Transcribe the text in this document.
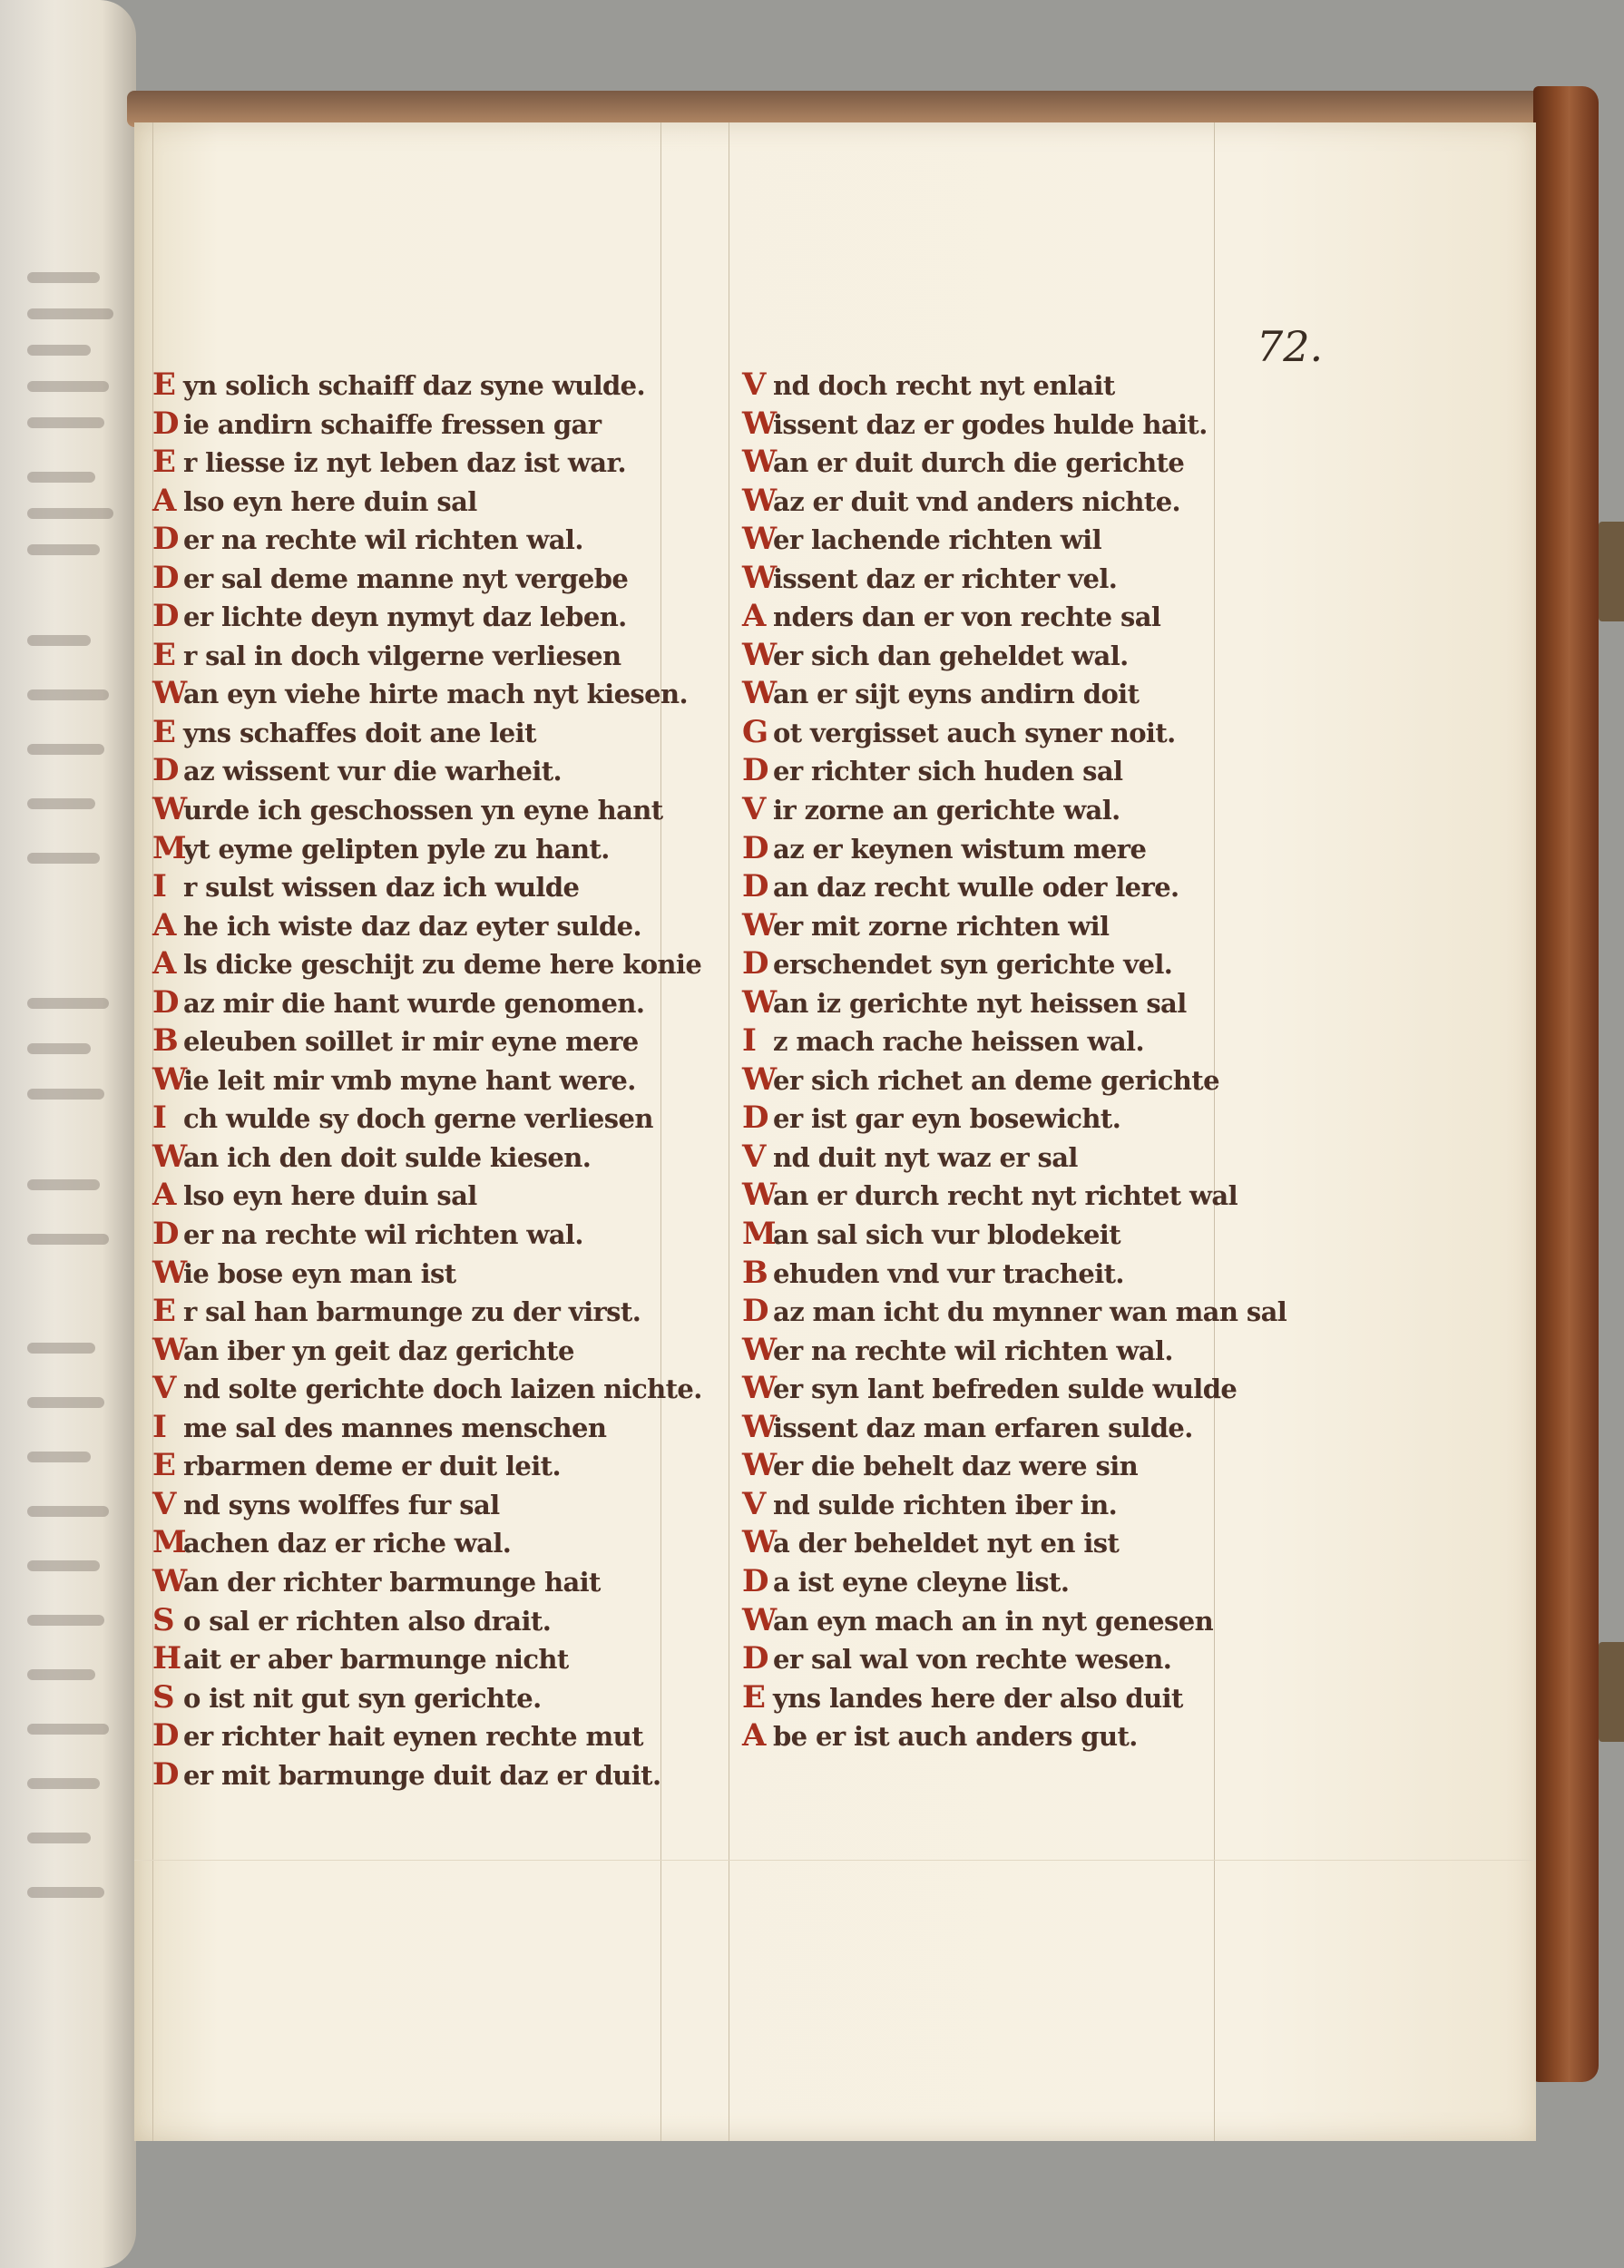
72.
E yn solich schaiff daz syne wulde.
D ie andirn schaiffe fressen gar
E r liesse iz nyt leben daz ist war.
A lso eyn here duin sal
D er na rechte wil richten wal.
D er sal deme manne nyt vergebe
D er lichte deyn nymyt daz leben.
E r sal in doch vilgerne verliesen
Wan eyn viehe hirte mach nyt kiesen.
E yns schaffes doit ane leit
D az wissent vur die warheit.
Wurde ich geschossen yn eyne hant
Myt eyme gelipten pyle zu hant.
I r sulst wissen daz ich wulde
A he ich wiste daz daz eyter sulde.
A ls dicke geschijt zu deme here konie
D az mir die hant wurde genomen.
B eleuben soillet ir mir eyne mere
Wie leit mir vmb myne hant were.
I ch wulde sy doch gerne verliesen
Wan ich den doit sulde kiesen.
A lso eyn here duin sal
D er na rechte wil richten wal.
Wie bose eyn man ist
E r sal han barmunge zu der virst.
Wan iber yn geit daz gerichte
V nd solte gerichte doch laizen nichte.
I me sal des mannes menschen
E rbarmen deme er duit leit.
V nd syns wolffes fur sal
Machen daz er riche wal.
Wan der richter barmunge hait
S o sal er richten also drait.
Hait er aber barmunge nicht
S o ist nit gut syn gerichte.
D er richter hait eynen rechte mut
D er mit barmunge duit daz er duit.
V nd doch recht nyt enlait
Wissent daz er godes hulde hait.
Wan er duit durch die gerichte
Waz er duit vnd anders nichte.
Wer lachende richten wil
Wissent daz er richter vel.
A nders dan er von rechte sal
Wer sich dan geheldet wal.
Wan er sijt eyns andirn doit
G ot vergisset auch syner noit.
D er richter sich huden sal
V ir zorne an gerichte wal.
D az er keynen wistum mere
D an daz recht wulle oder lere.
Wer mit zorne richten wil
D erschendet syn gerichte vel.
Wan iz gerichte nyt heissen sal
I z mach rache heissen wal.
Wer sich richet an deme gerichte
D er ist gar eyn bosewicht.
V nd duit nyt waz er sal
Wan er durch recht nyt richtet wal
Man sal sich vur blodekeit
B ehuden vnd vur tracheit.
D az man icht du mynner wan man sal
Wer na rechte wil richten wal.
Wer syn lant befreden sulde wulde
Wissent daz man erfaren sulde.
Wer die behelt daz were sin
V nd sulde richten iber in.
Wa der beheldet nyt en ist
D a ist eyne cleyne list.
Wan eyn mach an in nyt genesen
D er sal wal von rechte wesen.
E yns landes here der also duit
A be er ist auch anders gut.
